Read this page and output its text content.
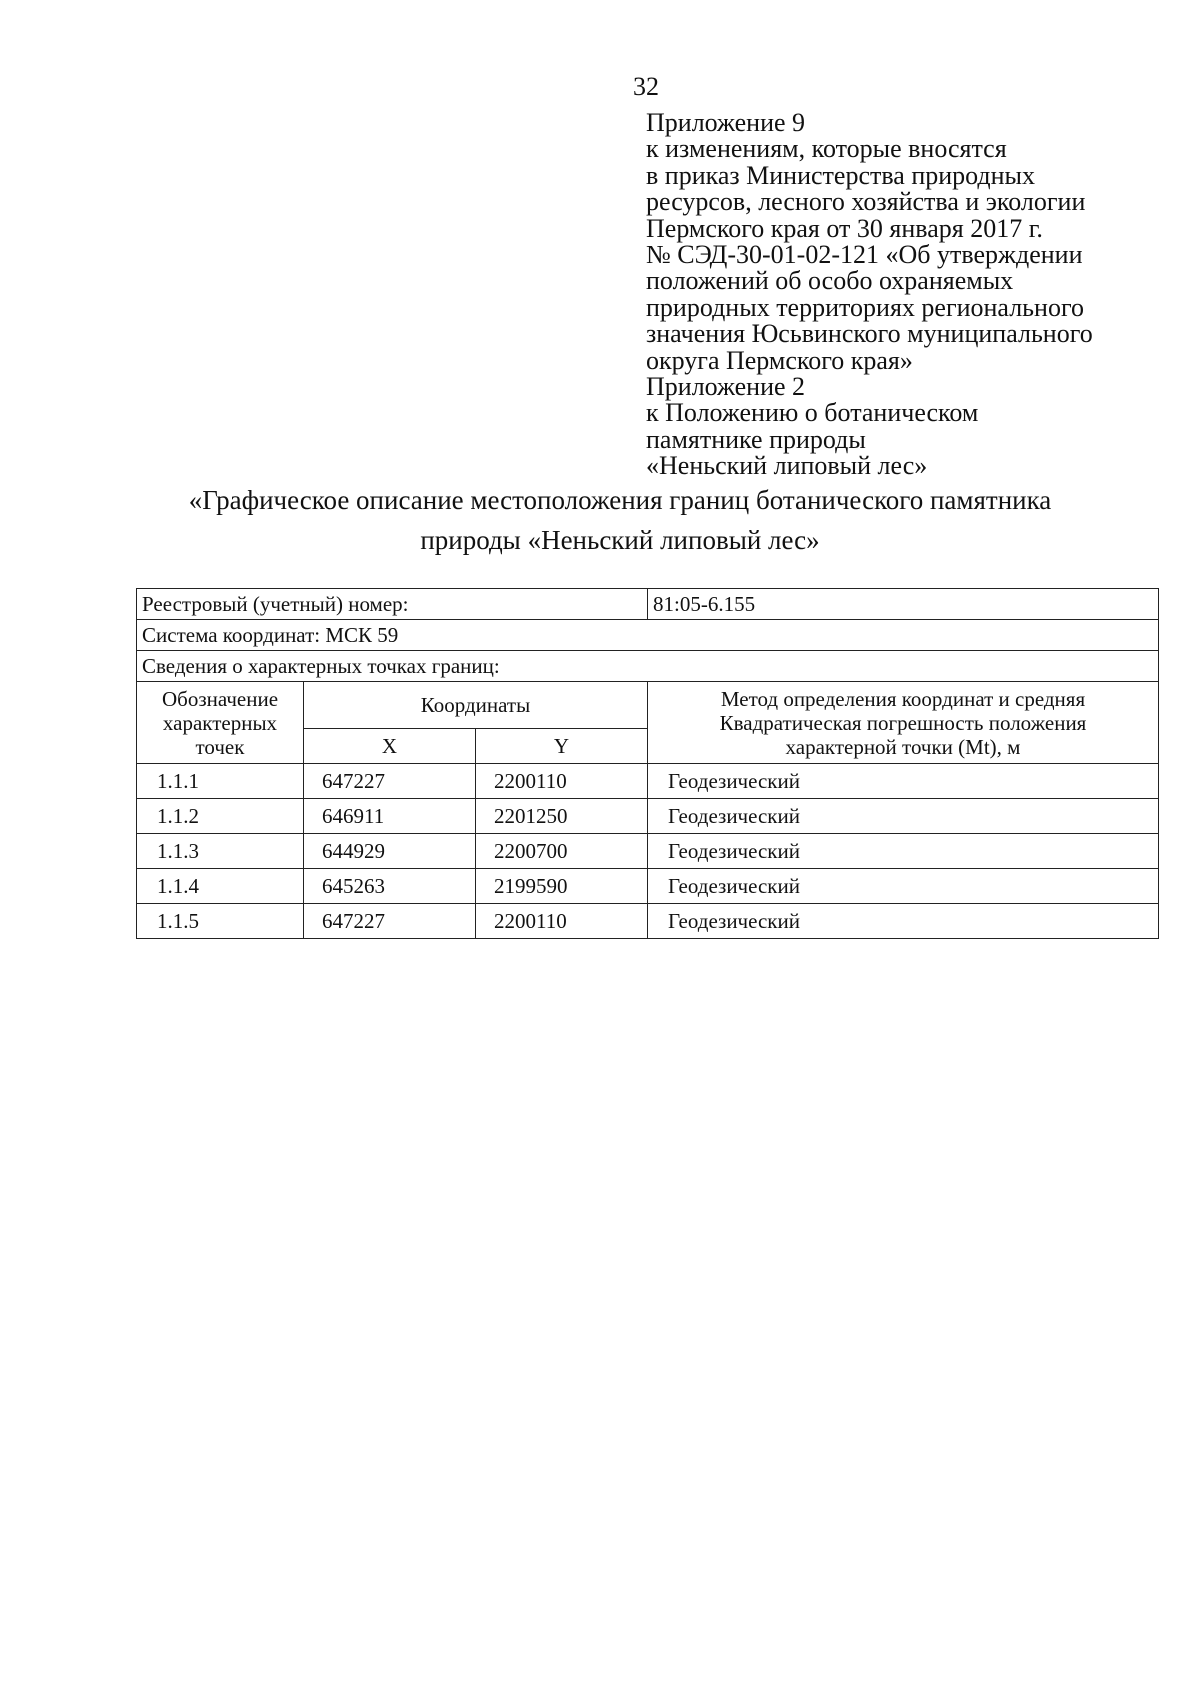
32
Приложение 9
к изменениям, которые вносятся
в приказ Министерства природных
ресурсов, лесного хозяйства и экологии
Пермского края от 30 января 2017 г.
№ СЭД-30-01-02-121 «Об утверждении
положений об особо охраняемых
природных территориях регионального
значения Юсьвинского муниципального
округа Пермского края»
Приложение 2
к Положению о ботаническом
памятнике природы
«Неньский липовый лес»
«Графическое описание местоположения границ ботанического памятника
природы «Неньский липовый лес»
Реестровый (учетный) номер:			81:05-6.155
Система координат: МСК 59			
Сведения о характерных точках границ:			
Обозначение характерных точек	Координаты		Метод определения координат и средняя Квадратическая погрешность положения характерной точки (Mt), м
	X	Y	
1.1.1	647227	2200110	Геодезический
1.1.2	646911	2201250	Геодезический
1.1.3	644929	2200700	Геодезический
1.1.4	645263	2199590	Геодезический
1.1.5	647227	2200110	Геодезический
